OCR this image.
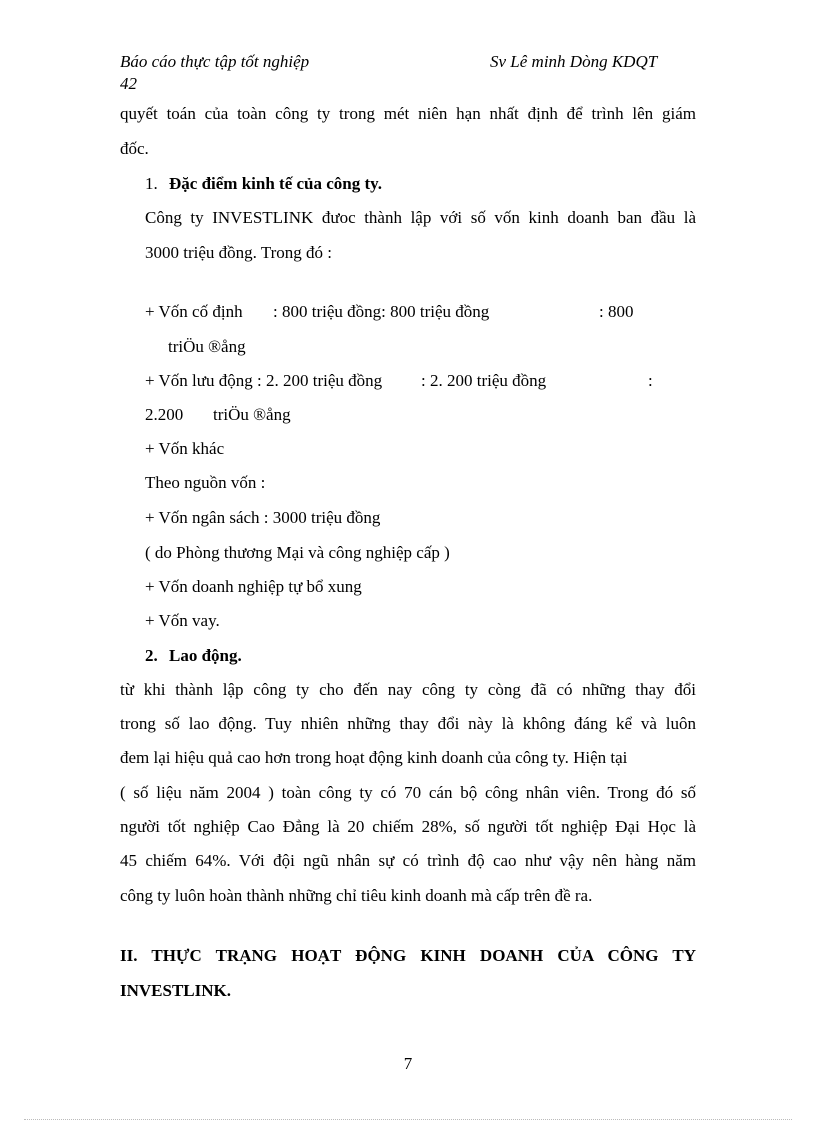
Báo cáo thực tập tốt nghiệp	Sv Lê minh Dòng KDQT
42
quyết toán của toàn công ty trong mét niên hạn nhất định để trình lên giám
đốc.
1. Đặc điểm kinh tế của công ty.
Công ty INVESTLINK đưoc thành lập với số vốn kinh doanh ban đầu là
3000 triệu đồng. Trong đó :
+ Vốn cố định : 800 triệu đồng: 800 triệu đồng	: 800
triÖu ®ång
+ Vốn lưu động : 2. 200 triệu đồng : 2. 200 triệu đồng	:
2.200 triÖu ®ång
+ Vốn khác
Theo nguồn vốn :
+ Vốn ngân sách : 3000 triệu đồng
( do Phòng thương Mại và công nghiệp cấp )
+ Vốn doanh nghiệp tự bổ xung
+ Vốn vay.
2. Lao động.
từ khi thành lập công ty cho đến nay công ty còng đã có những thay đổi
trong số lao động. Tuy nhiên những thay đổi này là không đáng kể và luôn
đem lại hiệu quả cao hơn trong hoạt động kinh doanh của công ty. Hiện tại
( số liệu năm 2004 ) toàn công ty có 70 cán bộ công nhân viên. Trong đó số
người tốt nghiệp Cao Đẳng là 20 chiếm 28%, số người tốt nghiệp Đại Học là
45 chiếm 64%. Với đội ngũ nhân sự có trình độ cao như vậy nên hàng năm
công ty luôn hoàn thành những chỉ tiêu kinh doanh mà cấp trên đề ra.
II. THỰC TRẠNG HOẠT ĐỘNG KINH DOANH CỦA CÔNG TY
INVESTLINK.
7
